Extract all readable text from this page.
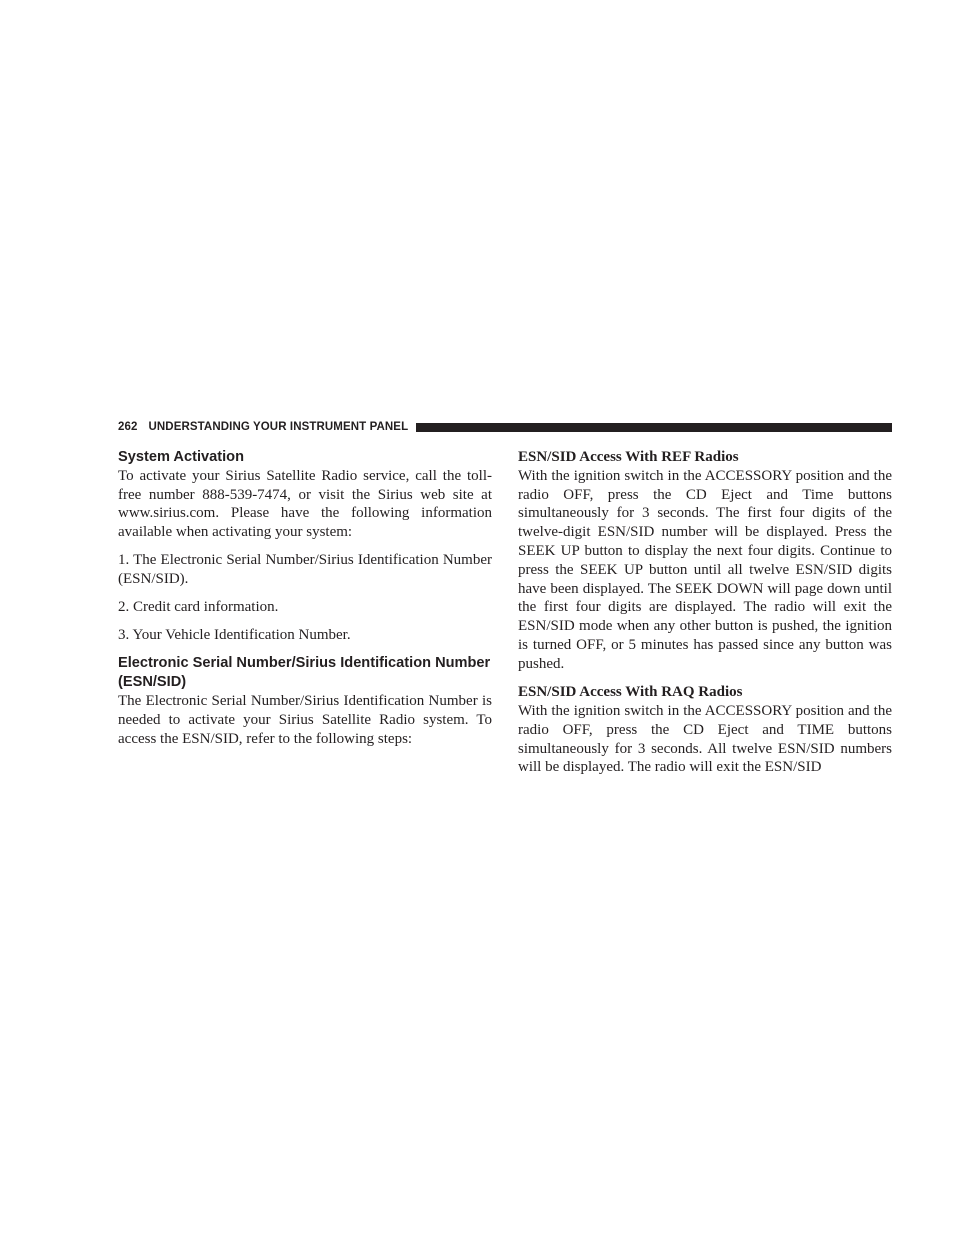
262 UNDERSTANDING YOUR INSTRUMENT PANEL
System Activation

To activate your Sirius Satellite Radio service, call the toll-free number 888-539-7474, or visit the Sirius web site at www.sirius.com. Please have the following information available when activating your system:

1. The Electronic Serial Number/Sirius Identification Number (ESN/SID).

2. Credit card information.

3. Your Vehicle Identification Number.

Electronic Serial Number/Sirius Identification Number (ESN/SID)

The Electronic Serial Number/Sirius Identification Number is needed to activate your Sirius Satellite Radio system. To access the ESN/SID, refer to the following steps:

ESN/SID Access With REF Radios

With the ignition switch in the ACCESSORY position and the radio OFF, press the CD Eject and Time buttons simultaneously for 3 seconds. The first four digits of the twelve-digit ESN/SID number will be displayed. Press the SEEK UP button to display the next four digits. Continue to press the SEEK UP button until all twelve ESN/SID digits have been displayed. The SEEK DOWN will page down until the first four digits are displayed. The radio will exit the ESN/SID mode when any other button is pushed, the ignition is turned OFF, or 5 minutes has passed since any button was pushed.

ESN/SID Access With RAQ Radios

With the ignition switch in the ACCESSORY position and the radio OFF, press the CD Eject and TIME buttons simultaneously for 3 seconds. All twelve ESN/SID numbers will be displayed. The radio will exit the ESN/SID
